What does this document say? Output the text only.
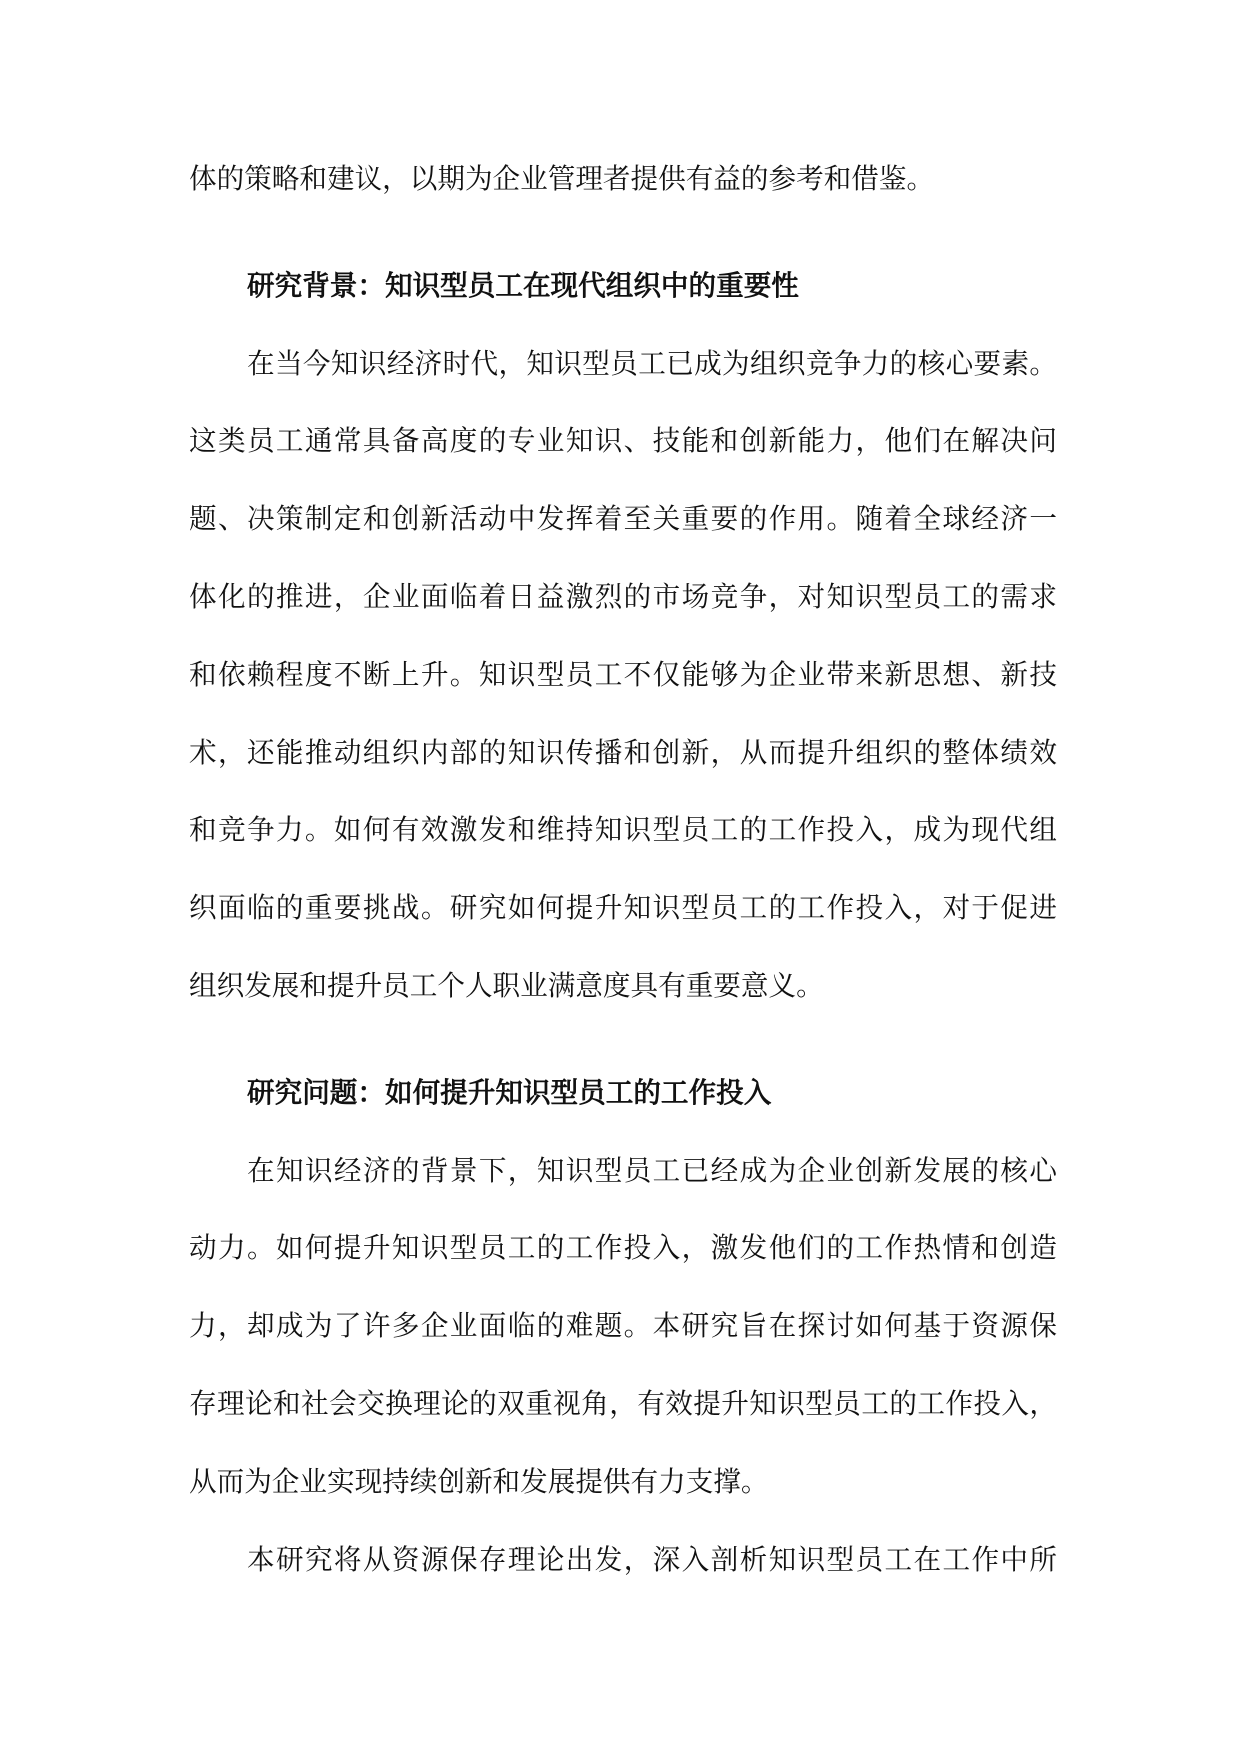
体的策略和建议，以期为企业管理者提供有益的参考和借鉴。
研究背景：知识型员工在现代组织中的重要性
在当今知识经济时代，知识型员工已成为组织竞争力的核心要素。
这类员工通常具备高度的专业知识、技能和创新能力，他们在解决问
题、决策制定和创新活动中发挥着至关重要的作用。随着全球经济一
体化的推进，企业面临着日益激烈的市场竞争，对知识型员工的需求
和依赖程度不断上升。知识型员工不仅能够为企业带来新思想、新技
术，还能推动组织内部的知识传播和创新，从而提升组织的整体绩效
和竞争力。如何有效激发和维持知识型员工的工作投入，成为现代组
织面临的重要挑战。研究如何提升知识型员工的工作投入，对于促进
组织发展和提升员工个人职业满意度具有重要意义。
研究问题：如何提升知识型员工的工作投入
在知识经济的背景下，知识型员工已经成为企业创新发展的核心
动力。如何提升知识型员工的工作投入，激发他们的工作热情和创造
力，却成为了许多企业面临的难题。本研究旨在探讨如何基于资源保
存理论和社会交换理论的双重视角，有效提升知识型员工的工作投入，
从而为企业实现持续创新和发展提供有力支撑。
本研究将从资源保存理论出发，深入剖析知识型员工在工作中所
